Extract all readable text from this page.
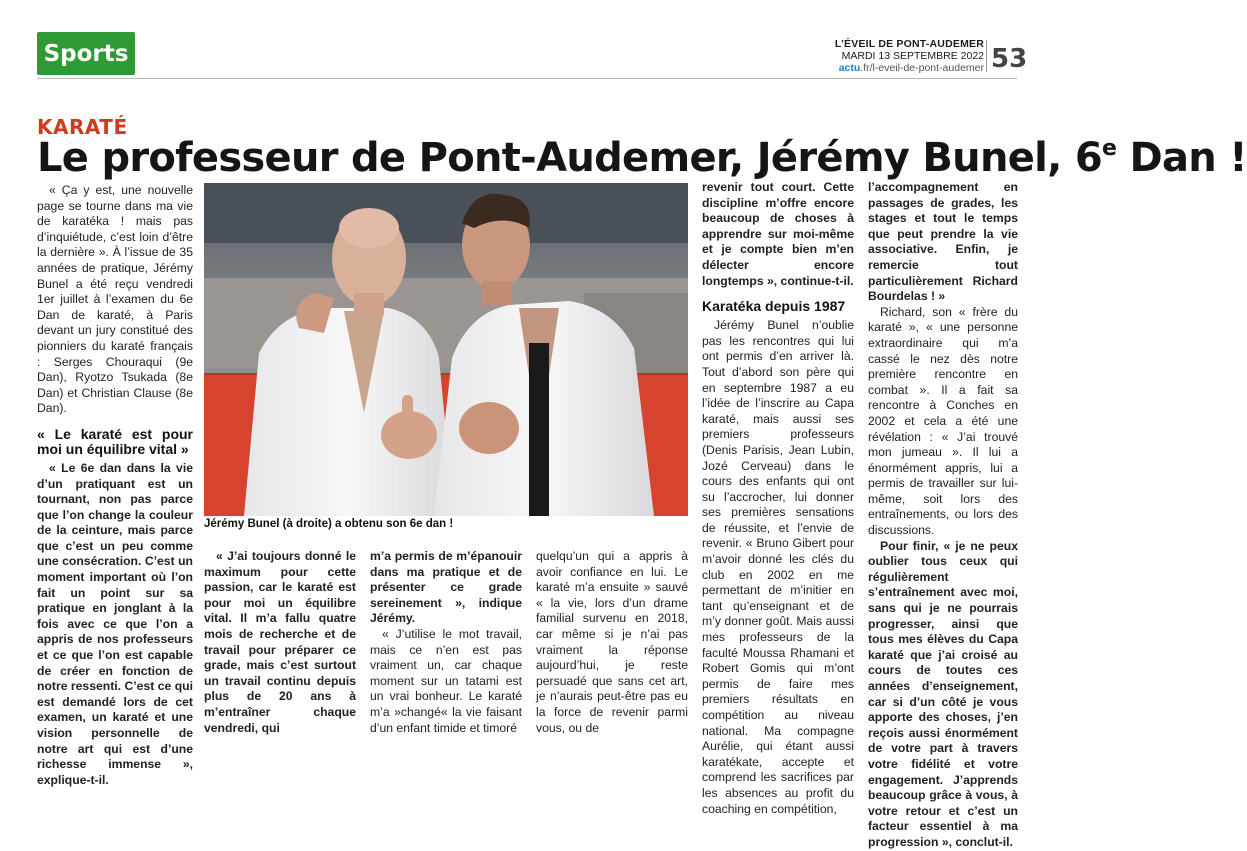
Sports	L’ÉVEIL DE PONT-AUDEMER
MARDI 13 SEPTEMBRE 2022
actu.fr/l-eveil-de-pont-audemer 53
KARATÉ
Le professeur de Pont-Audemer, Jérémy Bunel, 6e Dan !

« Ça y est, une nouvelle page se tourne dans ma vie de karatéka ! mais pas d’inquiétude, c’est loin d’être la dernière ». À l’issue de 35 années de pratique, Jérémy Bunel a été reçu vendredi 1er juillet à l’examen du 6e Dan de karaté, à Paris devant un jury constitué des pionniers du karaté français : Serges Chouraqui (9e Dan), Ryotzo Tsukada (8e Dan) et Christian Clause (8e Dan).

« Le karaté est pour moi un équilibre vital »

« Le 6e dan dans la vie d’un pratiquant est un tournant, non pas parce que l’on change la couleur de la ceinture, mais parce que c’est un peu comme une consécration. C’est un moment important où l’on fait un point sur sa pratique en jonglant à la fois avec ce que l’on a appris de nos professeurs et ce que l’on est capable de créer en fonction de notre ressenti. C’est ce qui est demandé lors de cet examen, un karaté et une vision personnelle de notre art qui est d’une richesse immense », explique-t-il.

Jérémy Bunel (à droite) a obtenu son 6e dan !

« J’ai toujours donné le maximum pour cette passion, car le karaté est pour moi un équilibre vital. Il m’a fallu quatre mois de recherche et de travail pour préparer ce grade, mais c’est surtout un travail continu depuis plus de 20 ans à m’entraîner chaque vendredi, qui

m’a permis de m’épanouir dans ma pratique et de présenter ce grade sereinement », indique Jérémy.

« J’utilise le mot travail, mais ce n’en est pas vraiment un, car chaque moment sur un tatami est un vrai bonheur. Le karaté m’a »changé« la vie faisant d’un enfant timide et timoré

quelqu’un qui a appris à avoir confiance en lui. Le karaté m’a ensuite » sauvé « la vie, lors d’un drame familial survenu en 2018, car même si je n’ai pas vraiment la réponse aujourd’hui, je reste persuadé que sans cet art, je n’aurais peut-être pas eu la force de revenir parmi vous, ou de

revenir tout court. Cette discipline m’offre encore beaucoup de choses à apprendre sur moi-même et je compte bien m’en délecter encore longtemps », continue-t-il.

Karatéka depuis 1987

Jérémy Bunel n’oublie pas les rencontres qui lui ont permis d’en arriver là. Tout d’abord son père qui en septembre 1987 a eu l’idée de l’inscrire au Capa karaté, mais aussi ses premiers professeurs (Denis Parisis, Jean Lubin, Jozé Cerveau) dans le cours des enfants qui ont su l’accrocher, lui donner ses premières sensations de réussite, et l’envie de revenir. « Bruno Gibert pour m’avoir donné les clés du club en 2002 en me permettant de m’initier en tant qu’enseignant et de m’y donner goût. Mais aussi mes professeurs de la faculté Moussa Rhamani et Robert Gomis qui m’ont permis de faire mes premiers résultats en compétition au niveau national. Ma compagne Aurélie, qui étant aussi karatékate, accepte et comprend les sacrifices par les absences au profit du coaching en compétition,

l’accompagnement en passages de grades, les stages et tout le temps que peut prendre la vie associative. Enfin, je remercie tout particulièrement Richard Bourdelas ! »

Richard, son « frère du karaté », « une personne extraordinaire qui m’a cassé le nez dès notre première rencontre en combat ». Il a fait sa rencontre à Conches en 2002 et cela a été une révélation : « J’ai trouvé mon jumeau ». Il lui a énormément appris, lui a permis de travailler sur lui-même, soit lors des entraînements, ou lors des discussions.

Pour finir, « je ne peux oublier tous ceux qui régulièrement s’entraînement avec moi, sans qui je ne pourrais progresser, ainsi que tous mes élèves du Capa karaté que j’ai croisé au cours de toutes ces années d’enseignement, car si d’un côté je vous apporte des choses, j’en reçois aussi énormément de votre part à travers votre fidélité et votre engagement. J’apprends beaucoup grâce à vous, à votre retour et c’est un facteur essentiel à ma progression », conclut-il.
